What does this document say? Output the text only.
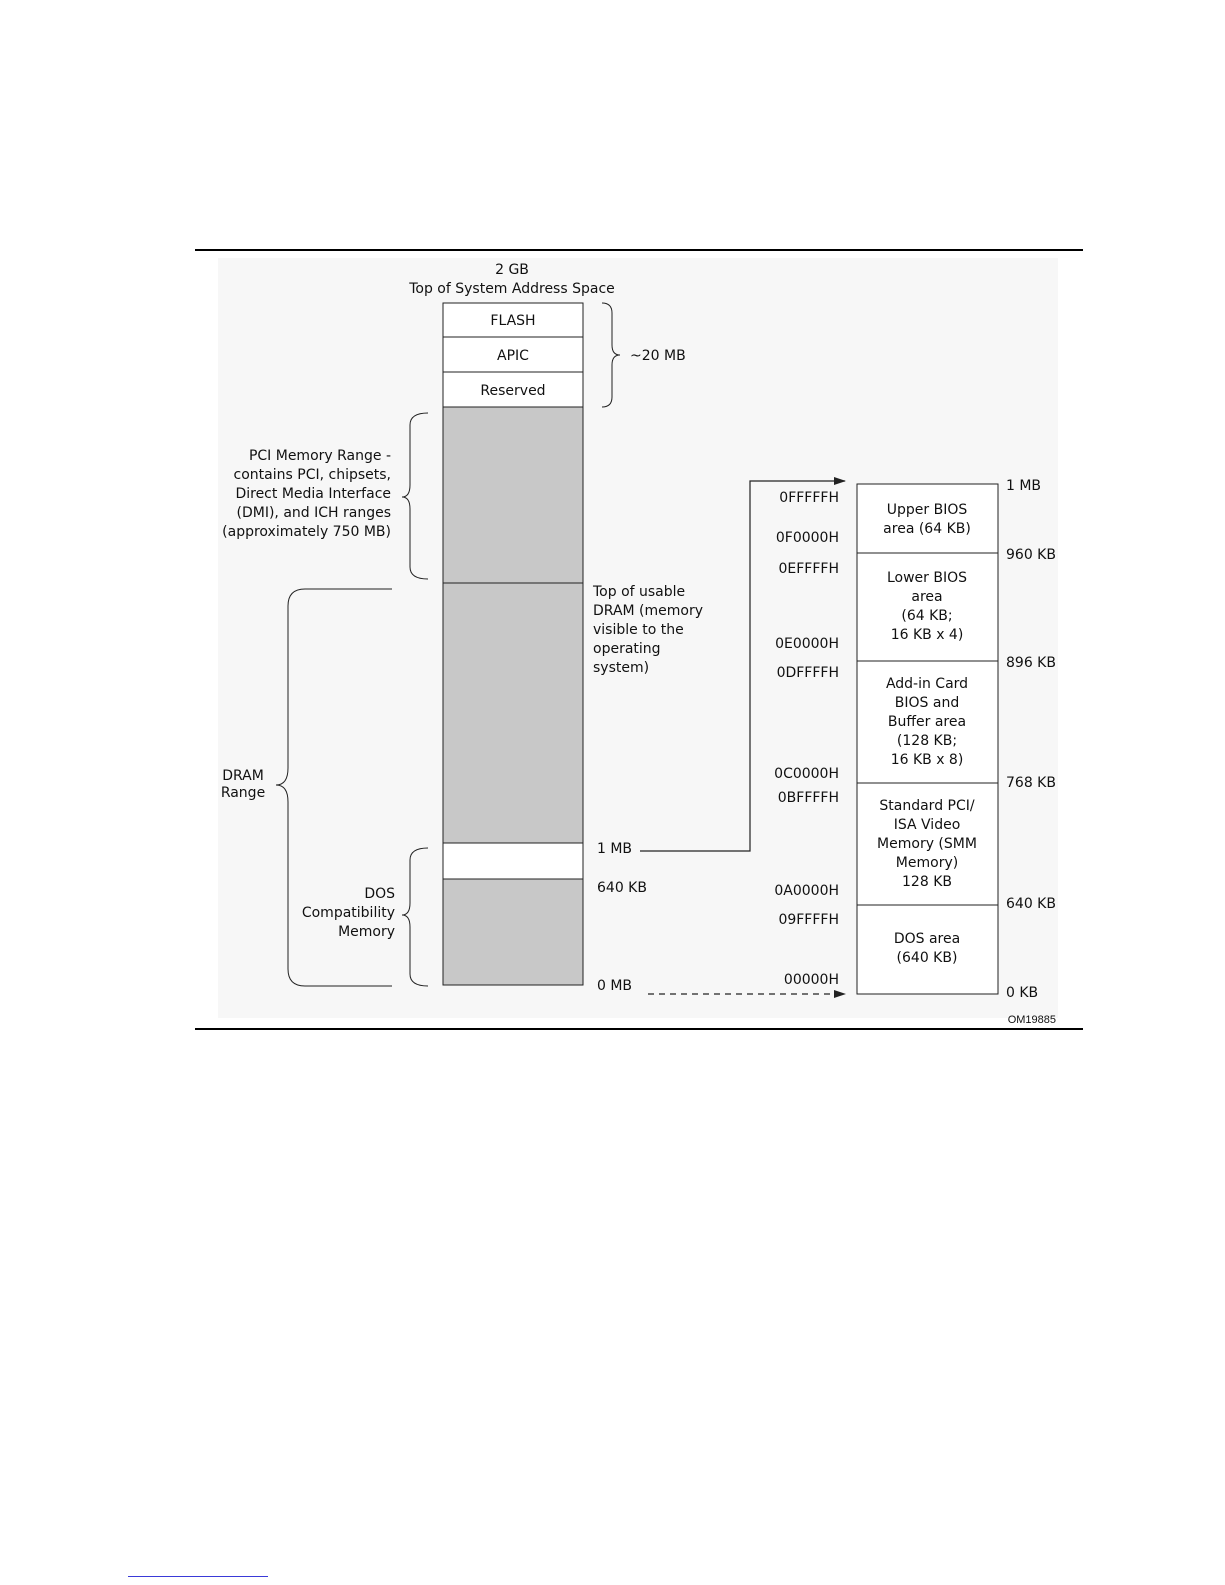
2 GB
Top of System Address Space
FLASH
APIC
Reserved
~20 MB
PCI Memory Range -
contains PCI, chipsets,
Direct Media Interface
(DMI), and ICH ranges
(approximately 750 MB)
DRAM
Range
DOS
Compatibility
Memory
Top of usable
DRAM (memory
visible to the
operating
system)
1 MB
640 KB
0 MB
Upper BIOS
area (64 KB)
Lower BIOS
area
(64 KB;
16 KB x 4)
Add-in Card
BIOS and
Buffer area
(128 KB;
16 KB x 8)
Standard PCI/
ISA Video
Memory (SMM
Memory)
128 KB
DOS area
(640 KB)
0FFFFFH
0F0000H
0EFFFFH
0E0000H
0DFFFFH
0C0000H
0BFFFFH
0A0000H
09FFFFH
00000H
1 MB
960 KB
896 KB
768 KB
640 KB
0 KB
OM19885
